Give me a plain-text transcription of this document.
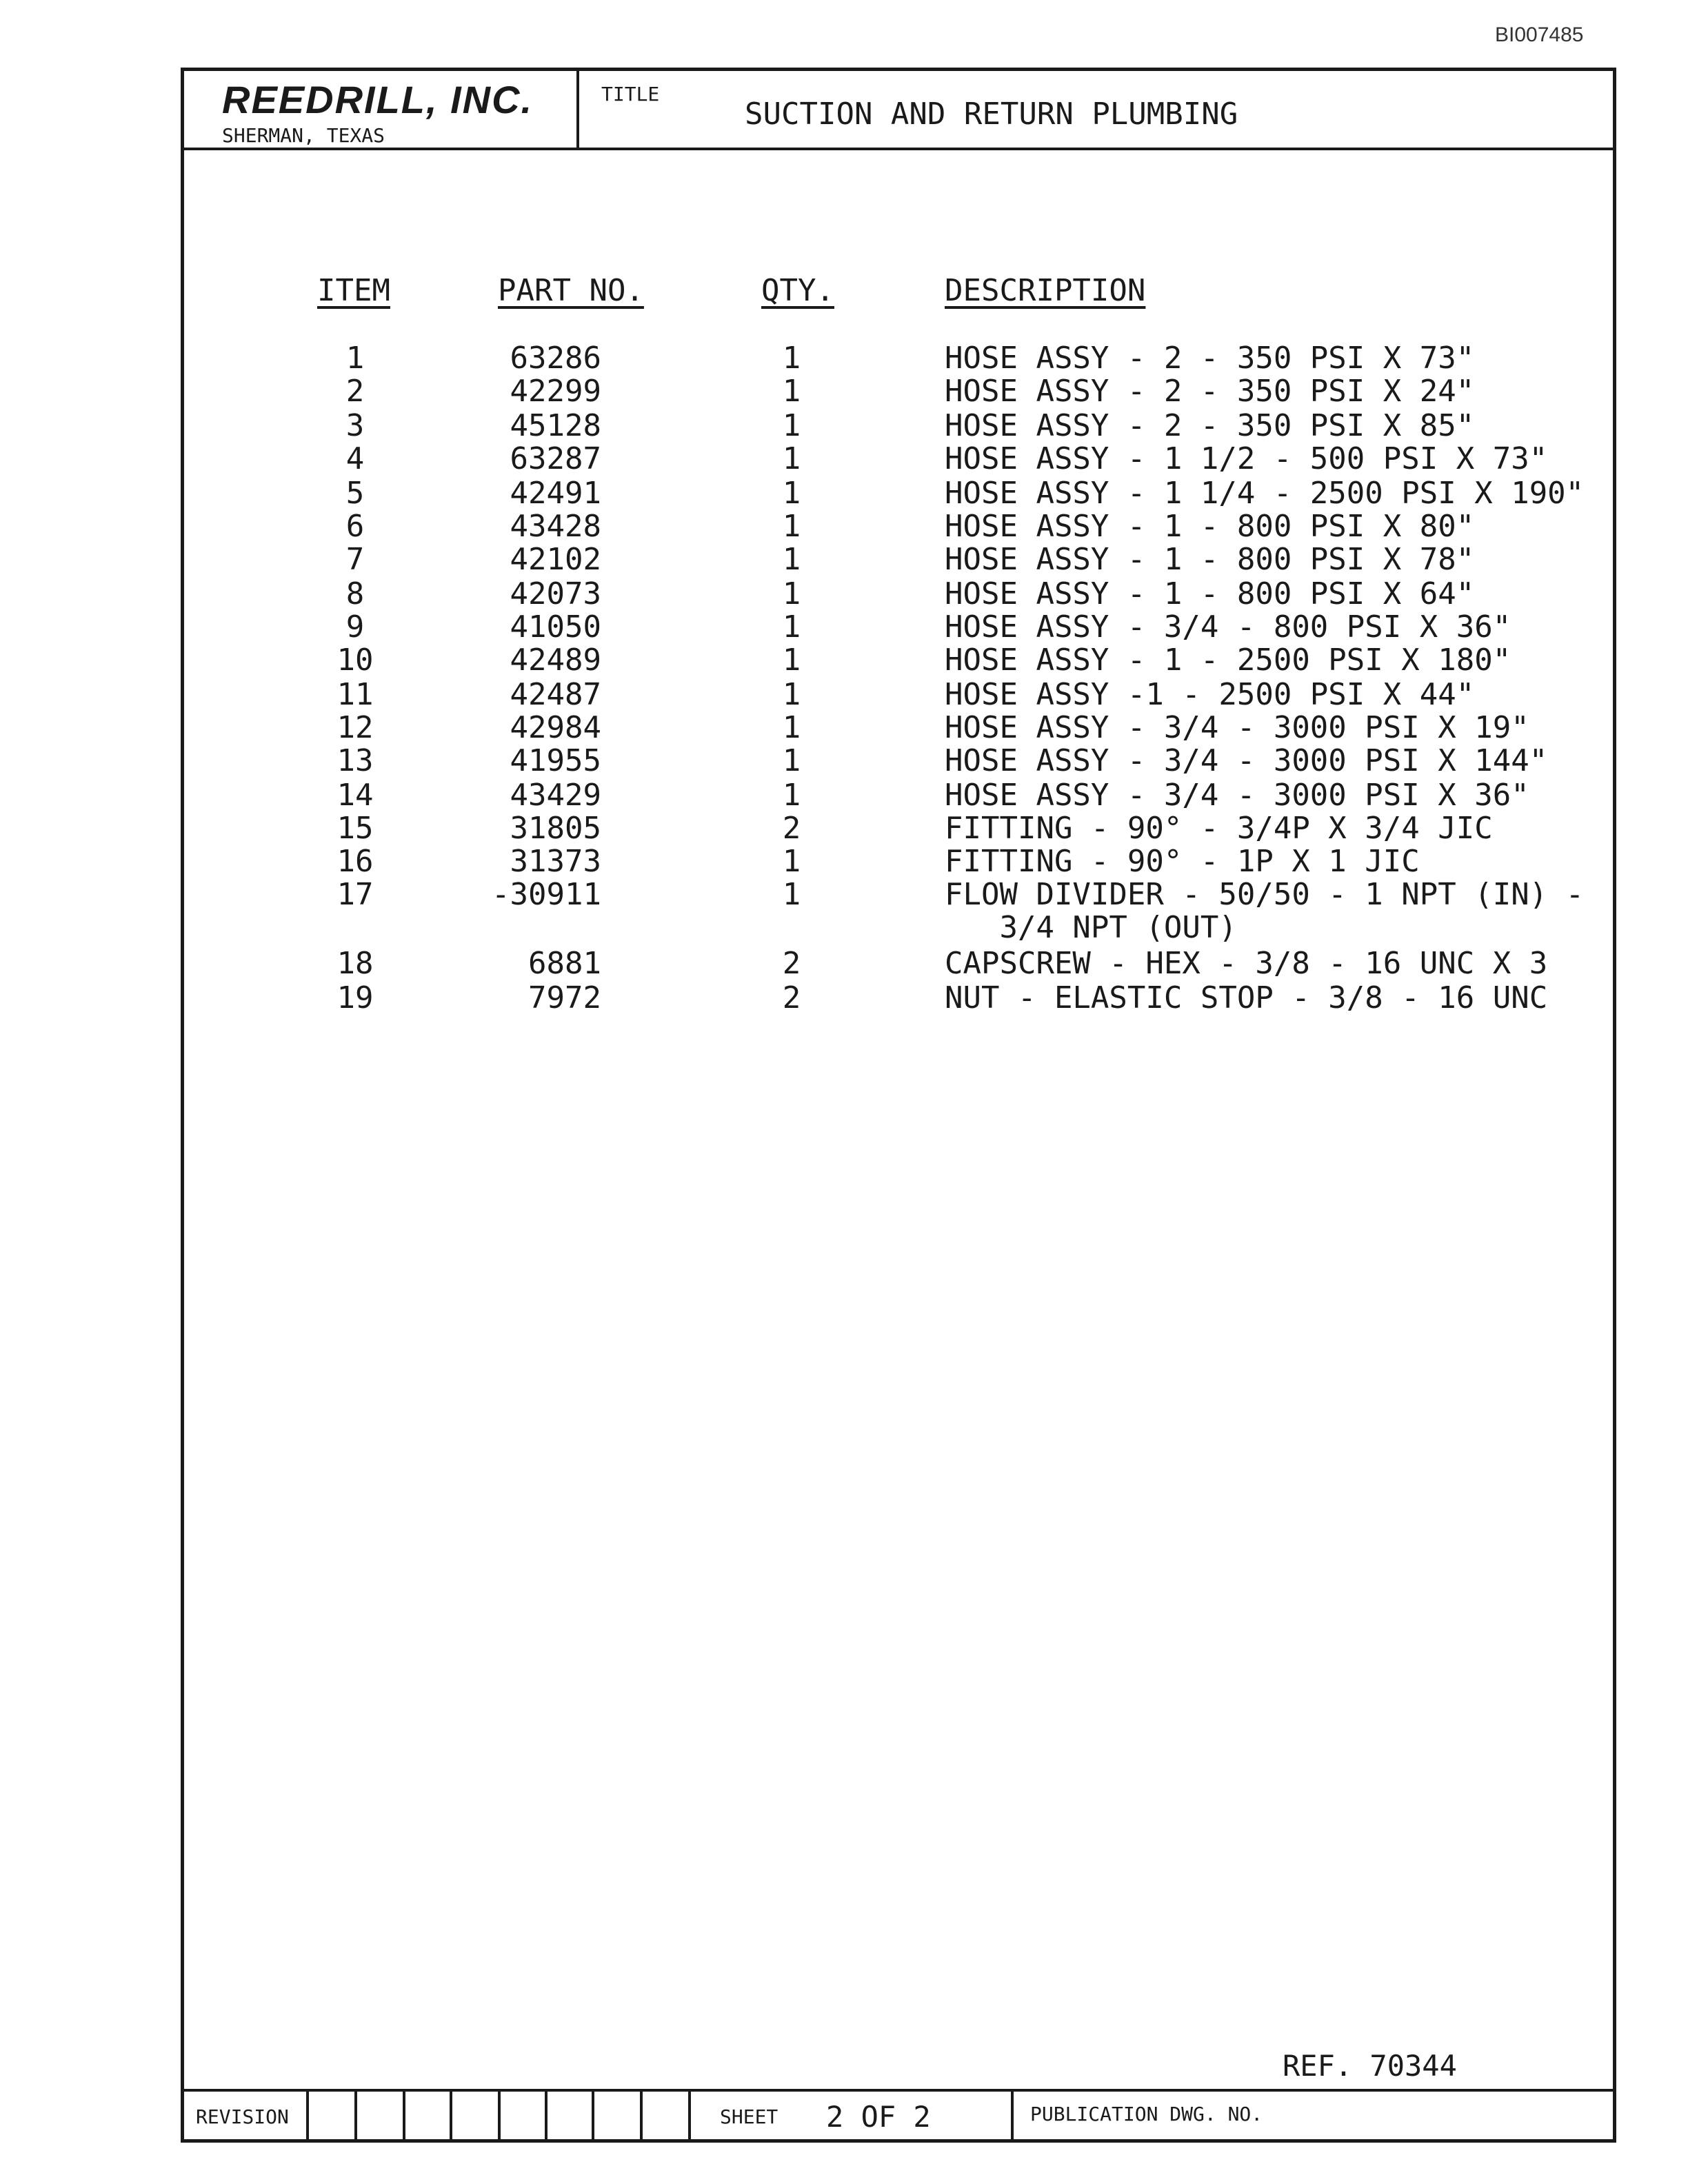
BI007485
REEDRILL, INC.
SHERMAN, TEXAS
TITLE
SUCTION AND RETURN PLUMBING
ITEM	PART NO.	QTY.	DESCRIPTION
1	63286	1	HOSE ASSY - 2 - 350 PSI X 73"
2	42299	1	HOSE ASSY - 2 - 350 PSI X 24"
3	45128	1	HOSE ASSY - 2 - 350 PSI X 85"
4	63287	1	HOSE ASSY - 1 1/2 - 500 PSI X 73"
5	42491	1	HOSE ASSY - 1 1/4 - 2500 PSI X 190"
6	43428	1	HOSE ASSY - 1 - 800 PSI X 80"
7	42102	1	HOSE ASSY - 1 - 800 PSI X 78"
8	42073	1	HOSE ASSY - 1 - 800 PSI X 64"
9	41050	1	HOSE ASSY - 3/4 - 800 PSI X 36"
10	42489	1	HOSE ASSY - 1 - 2500 PSI X 180"
11	42487	1	HOSE ASSY -1 - 2500 PSI X 44"
12	42984	1	HOSE ASSY - 3/4 - 3000 PSI X 19"
13	41955	1	HOSE ASSY - 3/4 - 3000 PSI X 144"
14	43429	1	HOSE ASSY - 3/4 - 3000 PSI X 36"
15	31805	2	FITTING - 90° - 3/4P X 3/4 JIC
16	31373	1	FITTING - 90° - 1P X 1 JIC
17	-30911	1	FLOW DIVIDER - 50/50 - 1 NPT (IN) -
3/4 NPT (OUT)
18	6881	2	CAPSCREW - HEX - 3/8 - 16 UNC X 3
19	7972	2	NUT - ELASTIC STOP - 3/8 - 16 UNC
REF. 70344
REVISION	SHEET 2 OF 2	PUBLICATION DWG. NO.
